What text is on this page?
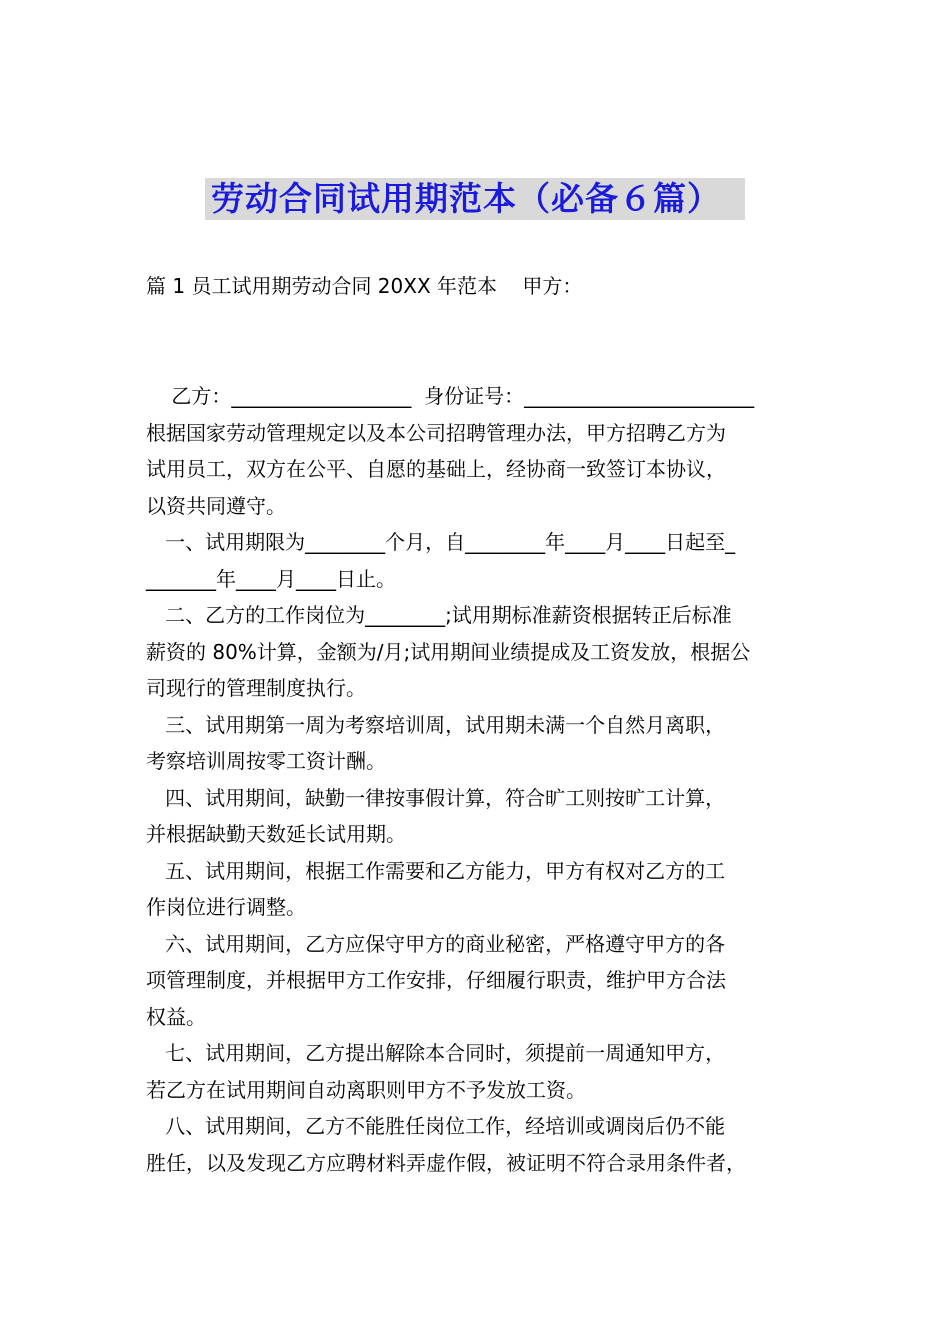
劳动合同试用期范本（必备６篇）
篇 1 员工试用期劳动合同 20XX 年范本    甲方：
乙方：__________________  身份证号：_______________________
根据国家劳动管理规定以及本公司招聘管理办法，甲方招聘乙方为
试用员工，双方在公平、自愿的基础上，经协商一致签订本协议，
以资共同遵守。
一、试用期限为________个月，自________年____月____日起至_
_______年____月____日止。
二、乙方的工作岗位为________;试用期标准薪资根据转正后标准
薪资的 80%计算，金额为/月;试用期间业绩提成及工资发放，根据公
司现行的管理制度执行。
三、试用期第一周为考察培训周，试用期未满一个自然月离职，
考察培训周按零工资计酬。
四、试用期间，缺勤一律按事假计算，符合旷工则按旷工计算，
并根据缺勤天数延长试用期。
五、试用期间，根据工作需要和乙方能力，甲方有权对乙方的工
作岗位进行调整。
六、试用期间，乙方应保守甲方的商业秘密，严格遵守甲方的各
项管理制度，并根据甲方工作安排，仔细履行职责，维护甲方合法
权益。
七、试用期间，乙方提出解除本合同时，须提前一周通知甲方，
若乙方在试用期间自动离职则甲方不予发放工资。
八、试用期间，乙方不能胜任岗位工作，经培训或调岗后仍不能
胜任，以及发现乙方应聘材料弄虚作假，被证明不符合录用条件者，
